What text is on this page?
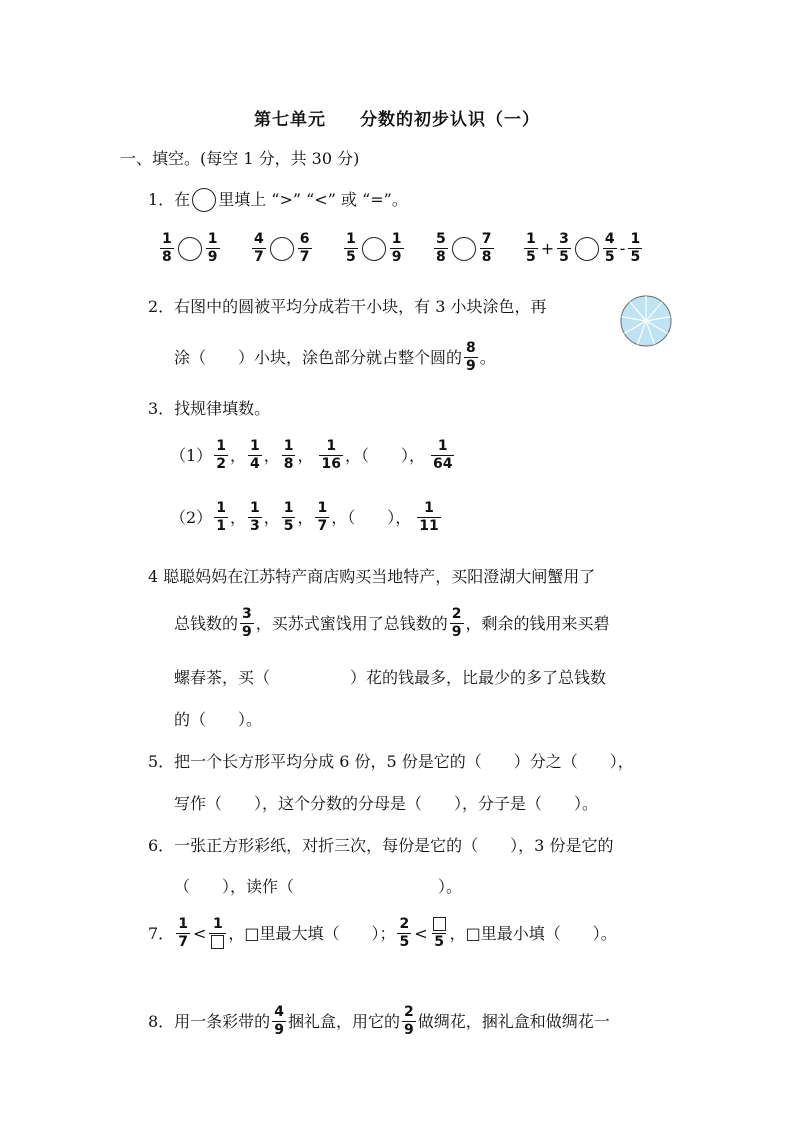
第七单元 分数的初步认识（一）
一、填空。(每空 1 分，共 30 分)
1．在 里填上 “>” “<” 或 “=”。
$\frac{1}{8} \frac{1}{9} \frac{4}{7} \frac{6}{7} \frac{1}{5} \frac{1}{9} \frac{5}{8} \frac{7}{8} \frac{1}{5} + \frac{3}{5} \frac{4}{5} - \frac{1}{5}$
2．右图中的圆被平均分成若干小块，有 3 小块涂色，再
涂（　　）小块，涂色部分就占整个圆的 $\frac{8}{9}$ 。
3．找规律填数。
$(1) \frac{1}{2}$ ， $\frac{1}{4}$ ， $\frac{1}{8}$ ， $\frac{1}{16}$ ，（　　）， $\frac{1}{64}$
$(2) \frac{1}{1}$ ， $\frac{1}{3}$ ， $\frac{1}{5}$ ， $\frac{1}{7}$ ，（　　）， $\frac{1}{11}$
4 聪聪妈妈在江苏特产商店购买当地特产，买阳澄湖大闸蟹用了
总钱数的 $\frac{3}{9}$ ，买苏式蜜饯用了总钱数的 $\frac{2}{9}$ ，剩余的钱用来买碧
螺春茶，买（　　　　　）花的钱最多，比最少的多了总钱数
的（　　）。
5．把一个长方形平均分成 6 份，5 份是它的（　　）分之（　　），
写作（　　），这个分数的分母是（　　），分子是（　　）。
6．一张正方形彩纸，对折三次，每份是它的（　　），3 份是它的
（　　），读作（　　　　　　　　　）。
7． $\frac{1}{7} < 1$ ，□里最大填（　　）； $\frac{2}{5} < 5$ ，□里最小填（　　）。
8．用一条彩带的 $\frac{4}{9}$ 捆礼盒，用它的 $\frac{2}{9}$ 做绸花，捆礼盒和做绸花一
